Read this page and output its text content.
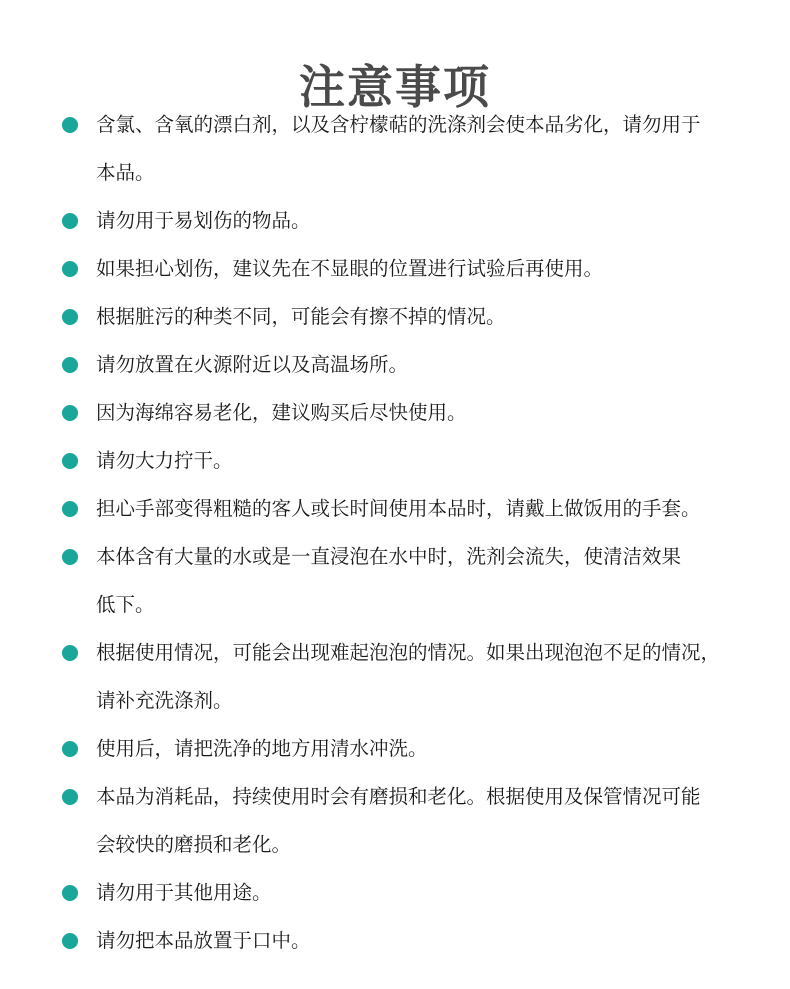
注意事项
含氯、含氧的漂白剂，以及含柠檬萜的洗涤剂会使本品劣化，请勿用于
本品。
请勿用于易划伤的物品。
如果担心划伤，建议先在不显眼的位置进行试验后再使用。
根据脏污的种类不同，可能会有擦不掉的情况。
请勿放置在火源附近以及高温场所。
因为海绵容易老化，建议购买后尽快使用。
请勿大力拧干。
担心手部变得粗糙的客人或长时间使用本品时，请戴上做饭用的手套。
本体含有大量的水或是一直浸泡在水中时，洗剂会流失，使清洁效果
低下。
根据使用情况，可能会出现难起泡泡的情况。如果出现泡泡不足的情况，
请补充洗涤剂。
使用后，请把洗净的地方用清水冲洗。
本品为消耗品，持续使用时会有磨损和老化。根据使用及保管情况可能
会较快的磨损和老化。
请勿用于其他用途。
请勿把本品放置于口中。
